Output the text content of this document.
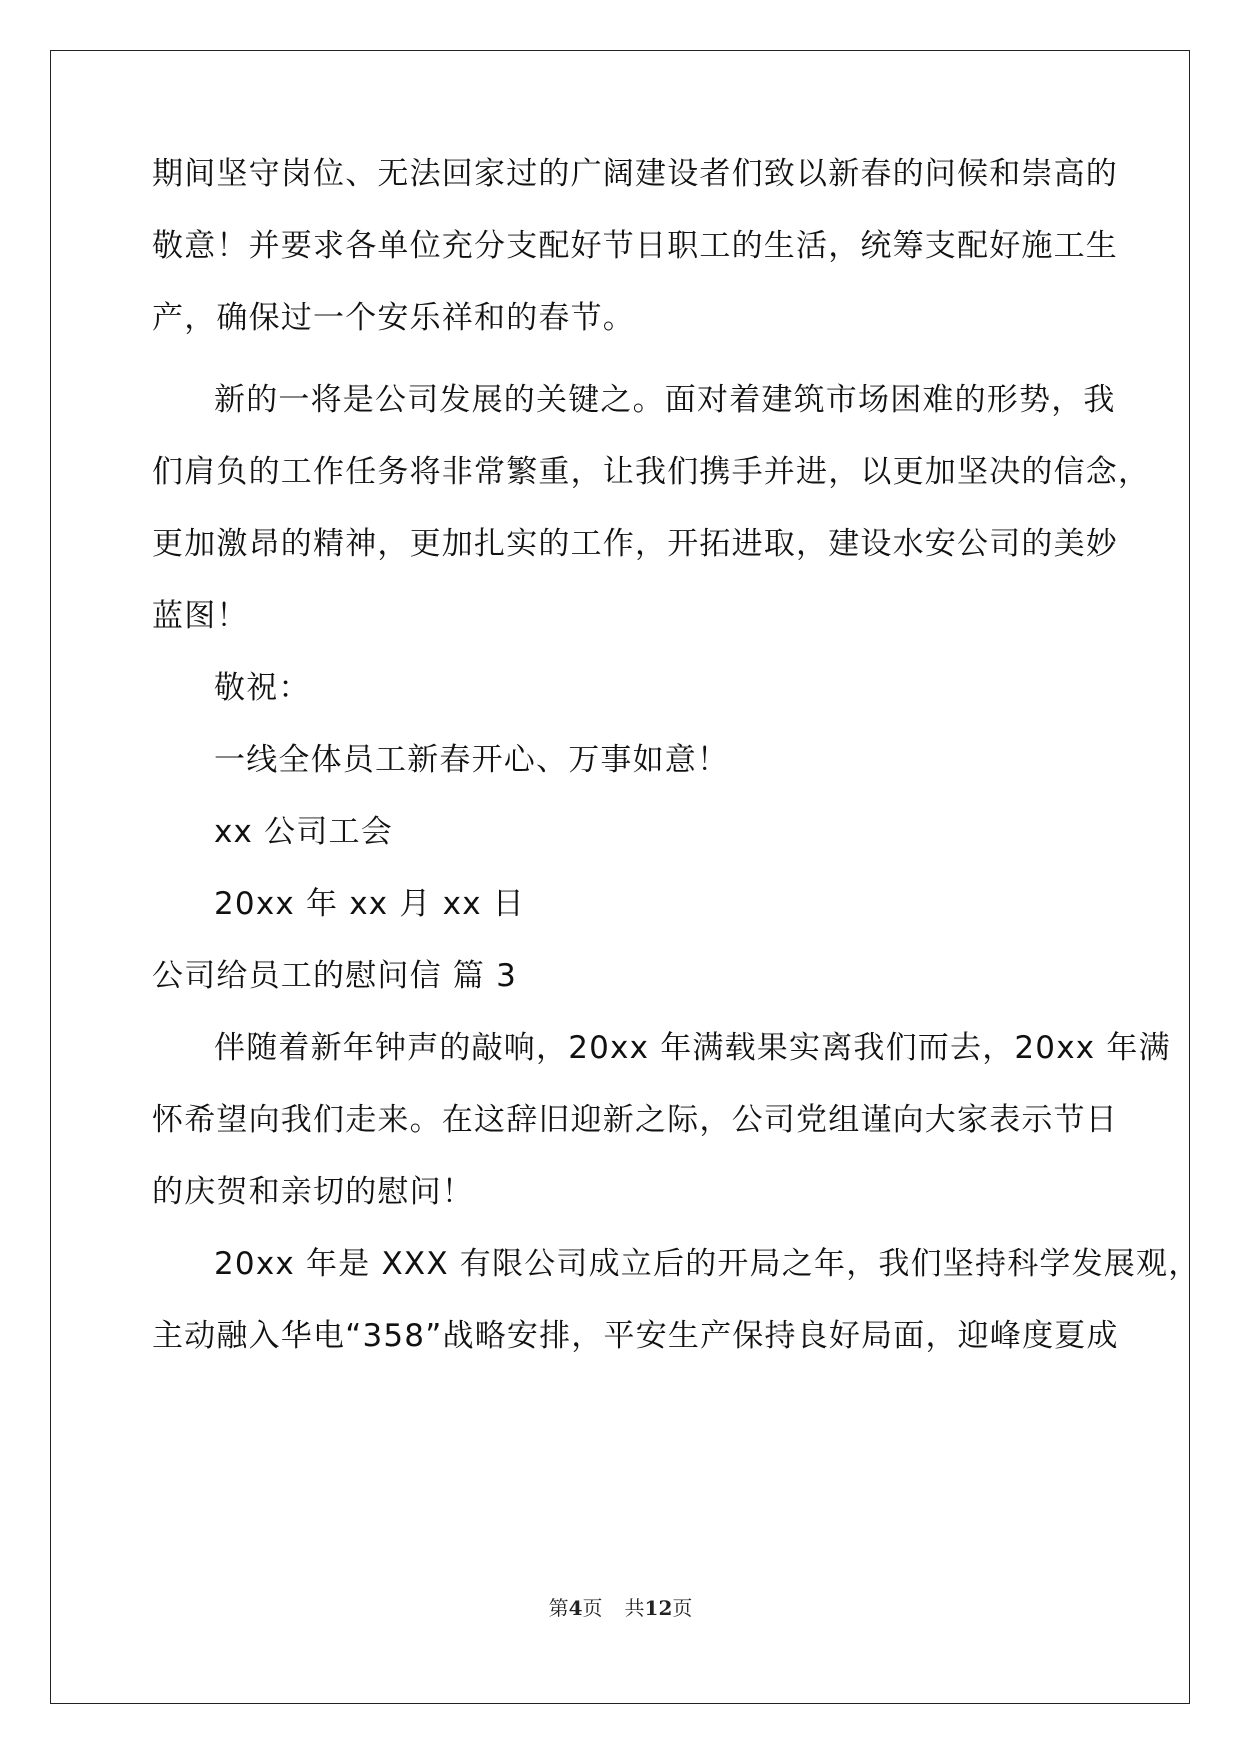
期间坚守岗位、无法回家过的广阔建设者们致以新春的问候和崇高的
敬意！并要求各单位充分支配好节日职工的生活，统筹支配好施工生
产，确保过一个安乐祥和的春节。
新的一将是公司发展的关键之。面对着建筑市场困难的形势，我
们肩负的工作任务将非常繁重，让我们携手并进，以更加坚决的信念，
更加激昂的精神，更加扎实的工作，开拓进取，建设水安公司的美妙
蓝图！
敬祝：
一线全体员工新春开心、万事如意！
xx 公司工会
20xx 年 xx 月 xx 日
公司给员工的慰问信 篇 3
伴随着新年钟声的敲响，20xx 年满载果实离我们而去，20xx 年满
怀希望向我们走来。在这辞旧迎新之际，公司党组谨向大家表示节日
的庆贺和亲切的慰问！
20xx 年是 XXX 有限公司成立后的开局之年，我们坚持科学发展观，
主动融入华电“358”战略安排，平安生产保持良好局面，迎峰度夏成
第4页 共12页
